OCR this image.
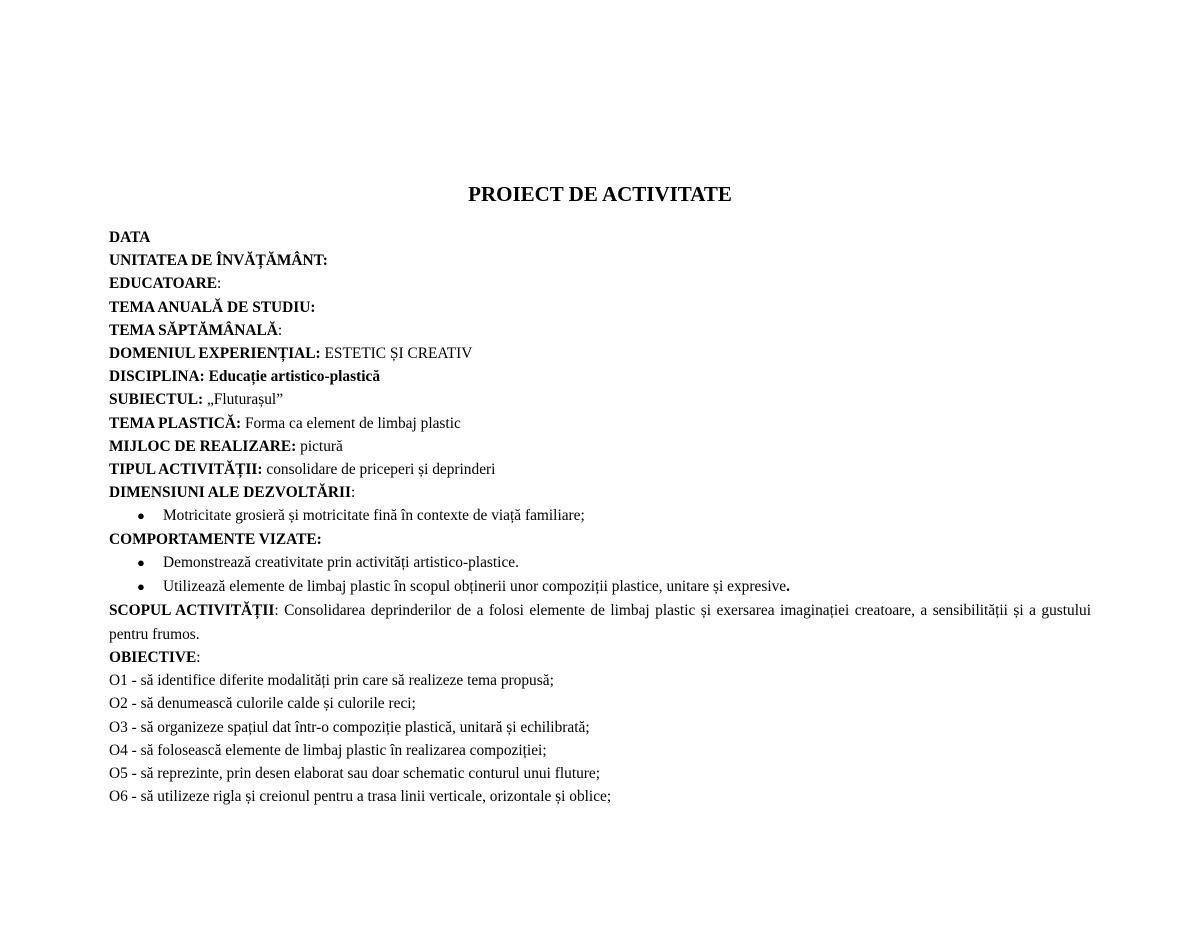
PROIECT DE ACTIVITATE
DATA
UNITATEA DE ÎNVĂȚĂMÂNT:
EDUCATOARE:
TEMA ANUALĂ DE STUDIU:
TEMA SĂPTĂMÂNALĂ:
DOMENIUL EXPERIENȚIAL: ESTETIC ȘI CREATIV
DISCIPLINA: Educație artistico-plastică
SUBIECTUL: „Fluturașul”
TEMA PLASTICĂ: Forma ca element de limbaj plastic
MIJLOC DE REALIZARE: pictură
TIPUL ACTIVITĂȚII: consolidare de priceperi și deprinderi
DIMENSIUNI ALE DEZVOLTĂRII:
● Motricitate grosieră și motricitate fină în contexte de viață familiare;
COMPORTAMENTE VIZATE:
● Demonstrează creativitate prin activități artistico-plastice.
● Utilizează elemente de limbaj plastic în scopul obținerii unor compoziții plastice, unitare și expresive.
SCOPUL ACTIVITĂȚII: Consolidarea deprinderilor de a folosi elemente de limbaj plastic și exersarea imaginației creatoare, a sensibilității și a gustului pentru frumos.
OBIECTIVE:
O1 - să identifice diferite modalități prin care să realizeze tema propusă;
O2 - să denumească culorile calde și culorile reci;
O3 - să organizeze spațiul dat într-o compoziție plastică, unitară și echilibrată;
O4 - să folosească elemente de limbaj plastic în realizarea compoziției;
O5 - să reprezinte, prin desen elaborat sau doar schematic conturul unui fluture;
O6 - să utilizeze rigla și creionul pentru a trasa linii verticale, orizontale și oblice;
